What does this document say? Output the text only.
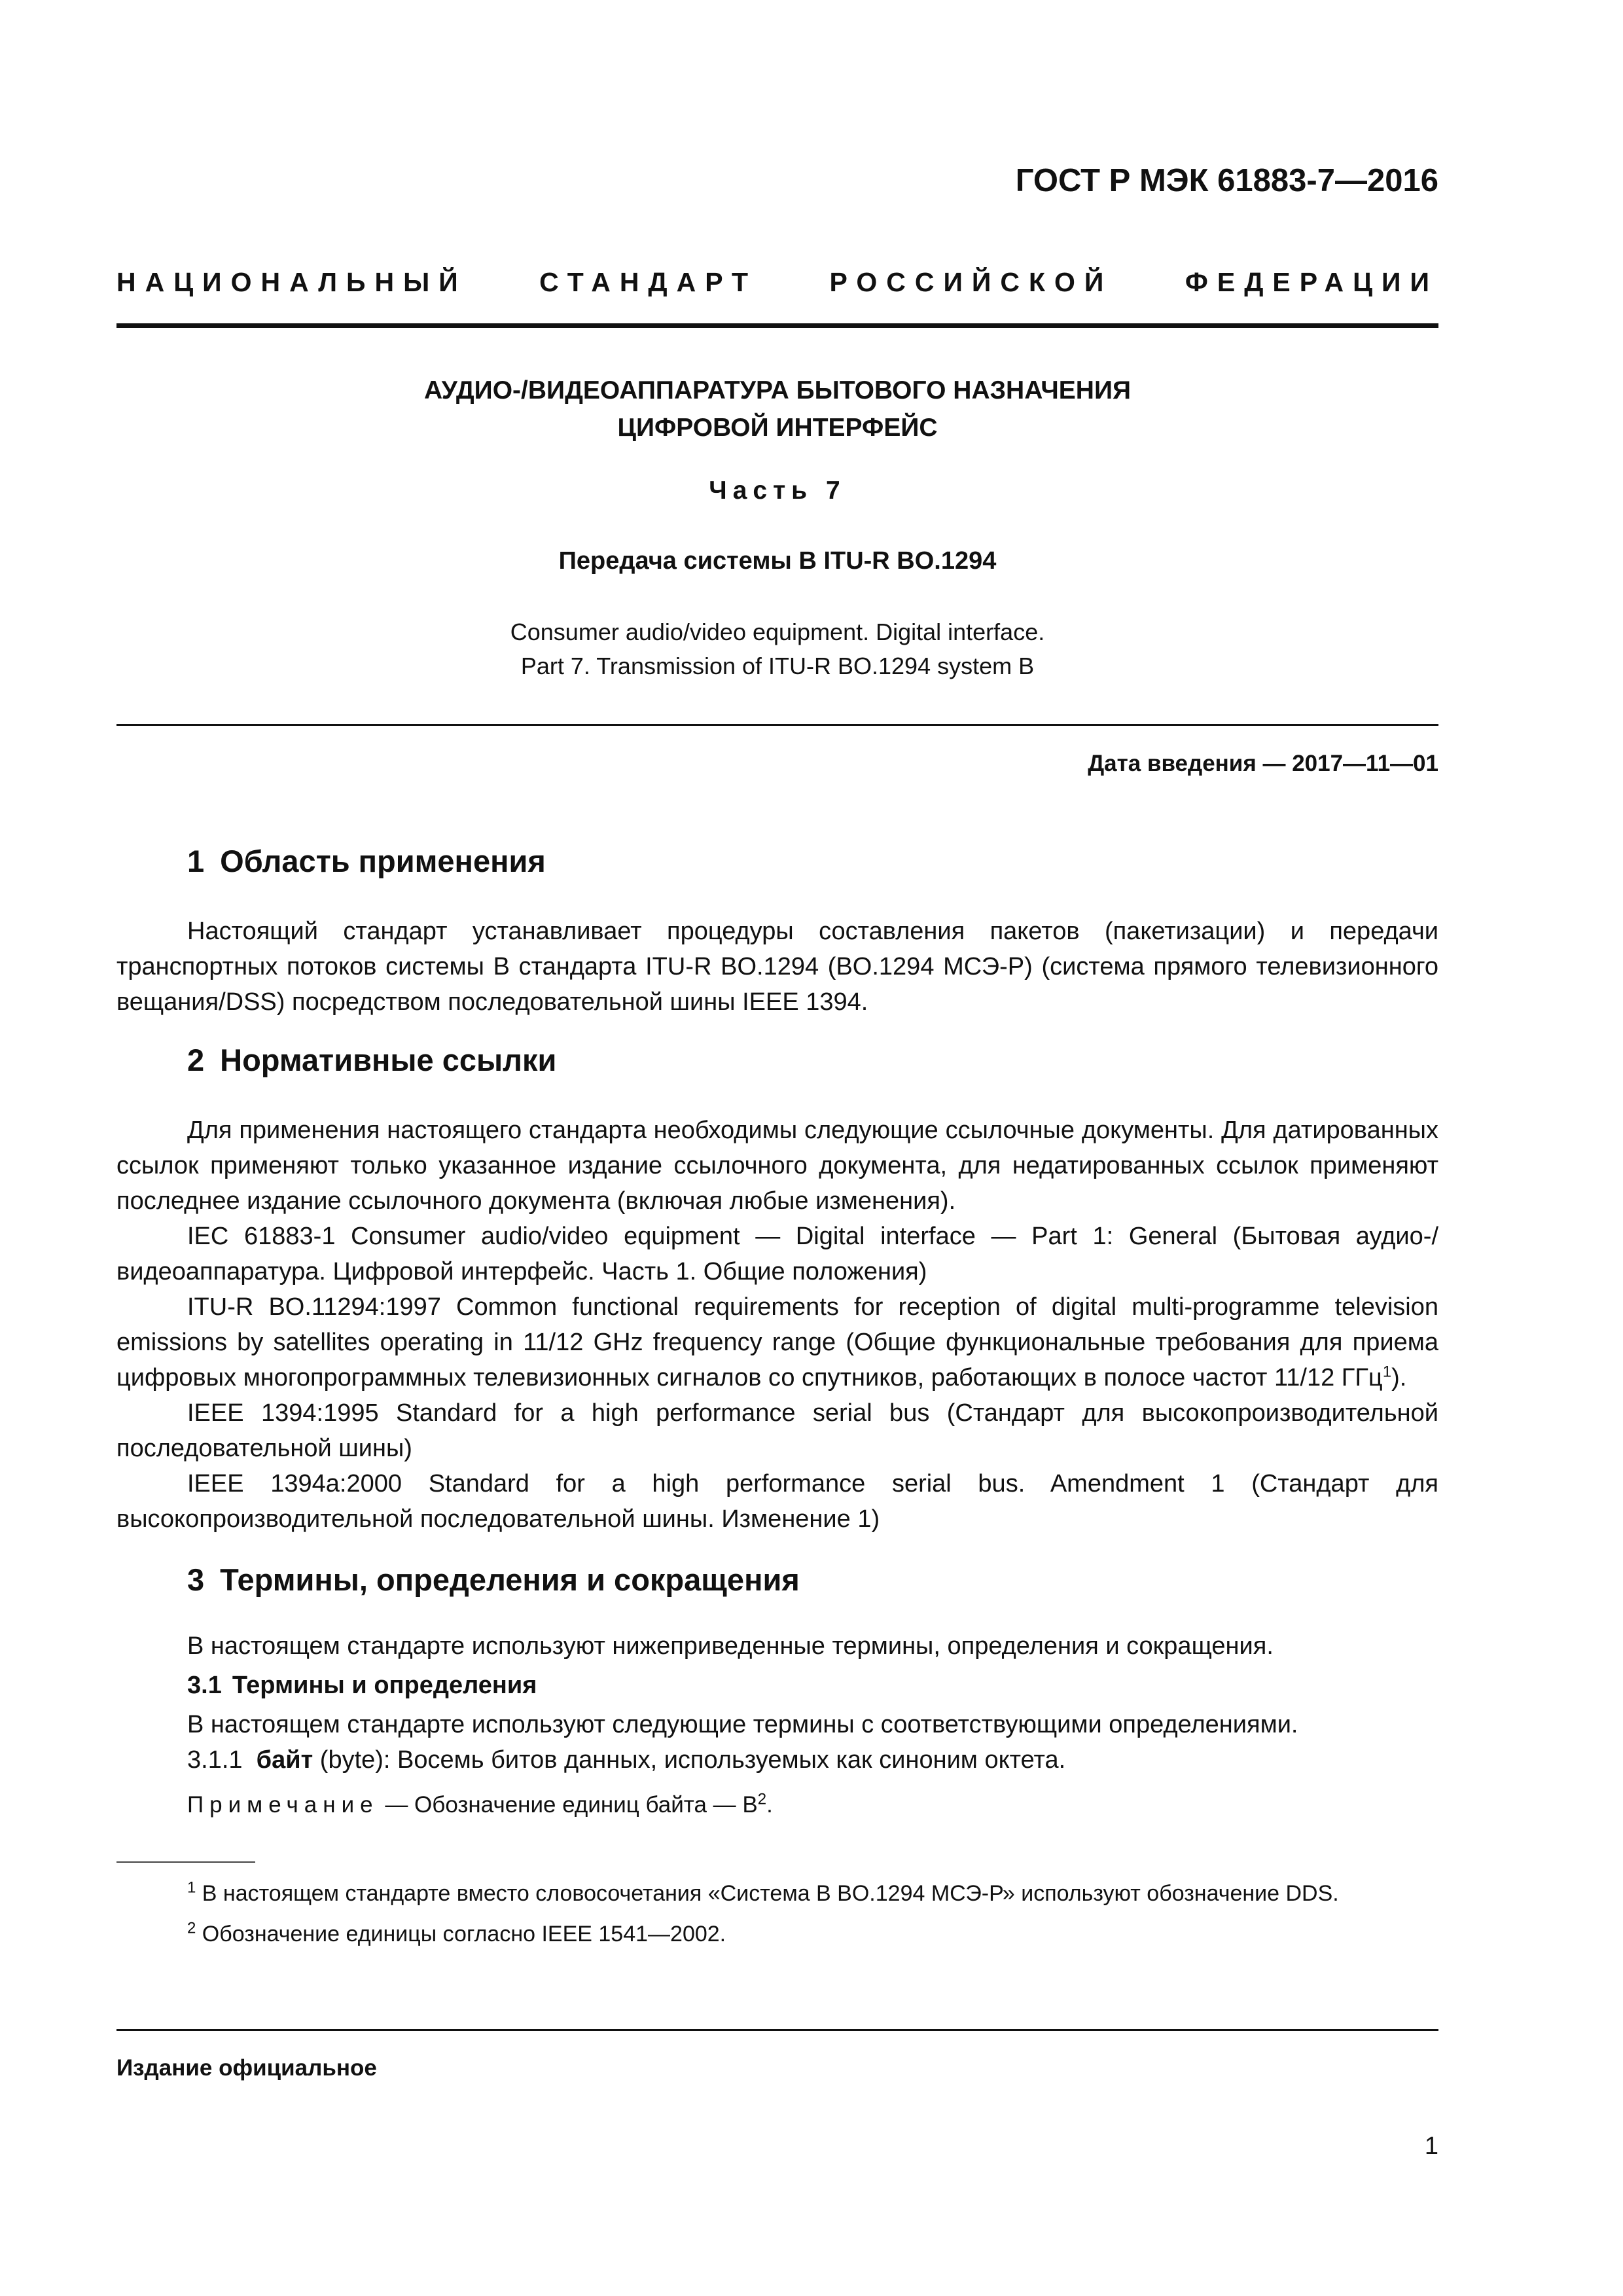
ГОСТ Р МЭК 61883-7—2016
НАЦИОНАЛЬНЫЙ СТАНДАРТ РОССИЙСКОЙ ФЕДЕРАЦИИ
АУДИО-/ВИДЕОАППАРАТУРА БЫТОВОГО НАЗНАЧЕНИЯ
ЦИФРОВОЙ ИНТЕРФЕЙС
Часть 7
Передача системы В ITU-R BO.1294
Consumer audio/video equipment. Digital interface.
Part 7. Transmission of ITU-R BO.1294 system B
Дата введения — 2017—11—01
1 Область применения

Настоящий стандарт устанавливает процедуры составления пакетов (пакетизации) и передачи транспортных потоков системы В стандарта ITU-R BO.1294 (BO.1294 МСЭ-Р) (система прямого телевизионного вещания/DSS) посредством последовательной шины IEEE 1394.

2 Нормативные ссылки

Для применения настоящего стандарта необходимы следующие ссылочные документы. Для датированных ссылок применяют только указанное издание ссылочного документа, для недатированных ссылок применяют последнее издание ссылочного документа (включая любые изменения).

IEC 61883-1 Consumer audio/video equipment — Digital interface — Part 1: General (Бытовая аудио-/видеоаппаратура. Цифровой интерфейс. Часть 1. Общие положения)

ITU-R BO.11294:1997 Common functional requirements for reception of digital multi-programme television emissions by satellites operating in 11/12 GHz frequency range (Общие функциональные требования для приема цифровых многопрограммных телевизионных сигналов со спутников, работающих в полосе частот 11/12 ГГц$^1$).

IEEE 1394:1995 Standard for a high performance serial bus (Стандарт для высокопроизводительной последовательной шины)

IEEE 1394a:2000 Standard for a high performance serial bus. Amendment 1 (Стандарт для высокопроизводительной последовательной шины. Изменение 1)

3 Термины, определения и сокращения
В настоящем стандарте используют нижеприведенные термины, определения и сокращения.
3.1 Термины и определения
В настоящем стандарте используют следующие термины с соответствующими определениями.
3.1.1 байт (byte): Восемь битов данных, используемых как синоним октета.
Примечание — Обозначение единиц байта — $В^2$.

$^1$ В настоящем стандарте вместо словосочетания «Система В BO.1294 МСЭ-Р» используют обозначение DDS.

$^2$ Обозначение единицы согласно IEEE 1541—2002.

Издание официальное
1
